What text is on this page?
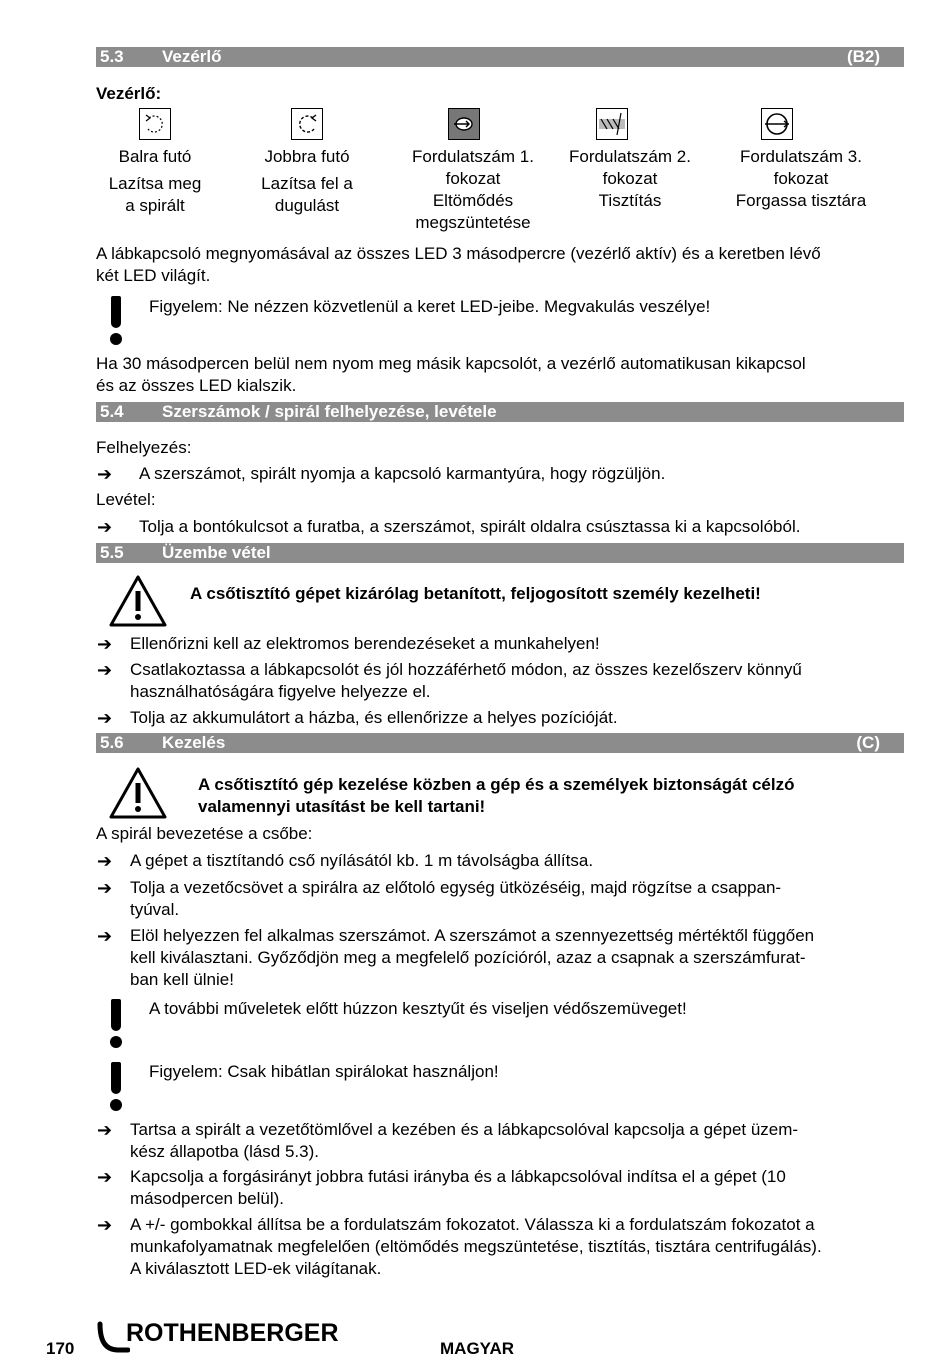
5.3 Vezérlő	(B2)
Vezérlő:
Balra futó
Lazítsa meg
a spirált
Jobbra futó
Lazítsa fel a
dugulást
Fordulatszám 1.
fokozat
Eltömődés
megszüntetése
Fordulatszám 2.
fokozat
Tisztítás
Fordulatszám 3.
fokozat
Forgassa tisztára
A lábkapcsoló megnyomásával az összes LED 3 másodpercre (vezérlő aktív) és a keretben lévő
két LED világít.
Figyelem: Ne nézzen közvetlenül a keret LED-jeibe. Megvakulás veszélye!
Ha 30 másodpercen belül nem nyom meg másik kapcsolót, a vezérlő automatikusan kikapcsol
és az összes LED kialszik.
5.4 Szerszámok / spirál felhelyezése, levétele
Felhelyezés:
➔ A szerszámot, spirált nyomja a kapcsoló karmantyúra, hogy rögzüljön.
Levétel:
➔ Tolja a bontókulcsot a furatba, a szerszámot, spirált oldalra csúsztassa ki a kapcsolóból.
5.5 Üzembe vétel
A csőtisztító gépet kizárólag betanított, feljogosított személy kezelheti!
➔ Ellenőrizni kell az elektromos berendezéseket a munkahelyen!
➔ Csatlakoztassa a lábkapcsolót és jól hozzáférhető módon, az összes kezelőszerv könnyű
használhatóságára figyelve helyezze el.
➔ Tolja az akkumulátort a házba, és ellenőrizze a helyes pozícióját.
5.6 Kezelés	(C)
A csőtisztító gép kezelése közben a gép és a személyek biztonságát célzó
valamennyi utasítást be kell tartani!
A spirál bevezetése a csőbe:
➔ A gépet a tisztítandó cső nyílásától kb. 1 m távolságba állítsa.
➔ Tolja a vezetőcsövet a spirálra az előtoló egység ütközéséig, majd rögzítse a csappan-
tyúval.
➔ Elöl helyezzen fel alkalmas szerszámot. A szerszámot a szennyezettség mértéktől függően
kell kiválasztani. Győződjön meg a megfelelő pozícióról, azaz a csapnak a szerszámfurat-
ban kell ülnie!
A további műveletek előtt húzzon kesztyűt és viseljen védőszemüveget!
Figyelem: Csak hibátlan spirálokat használjon!
➔ Tartsa a spirált a vezetőtömlővel a kezében és a lábkapcsolóval kapcsolja a gépet üzem-
kész állapotba (lásd 5.3).
➔ Kapcsolja a forgásirányt jobbra futási irányba és a lábkapcsolóval indítsa el a gépet (10
másodpercen belül).
➔ A +/- gombokkal állítsa be a fordulatszám fokozatot. Válassza ki a fordulatszám fokozatot a
munkafolyamatnak megfelelően (eltömődés megszüntetése, tisztítás, tisztára centrifugálás).
A kiválasztott LED-ek világítanak.
170
ROTHENBERGER
MAGYAR
